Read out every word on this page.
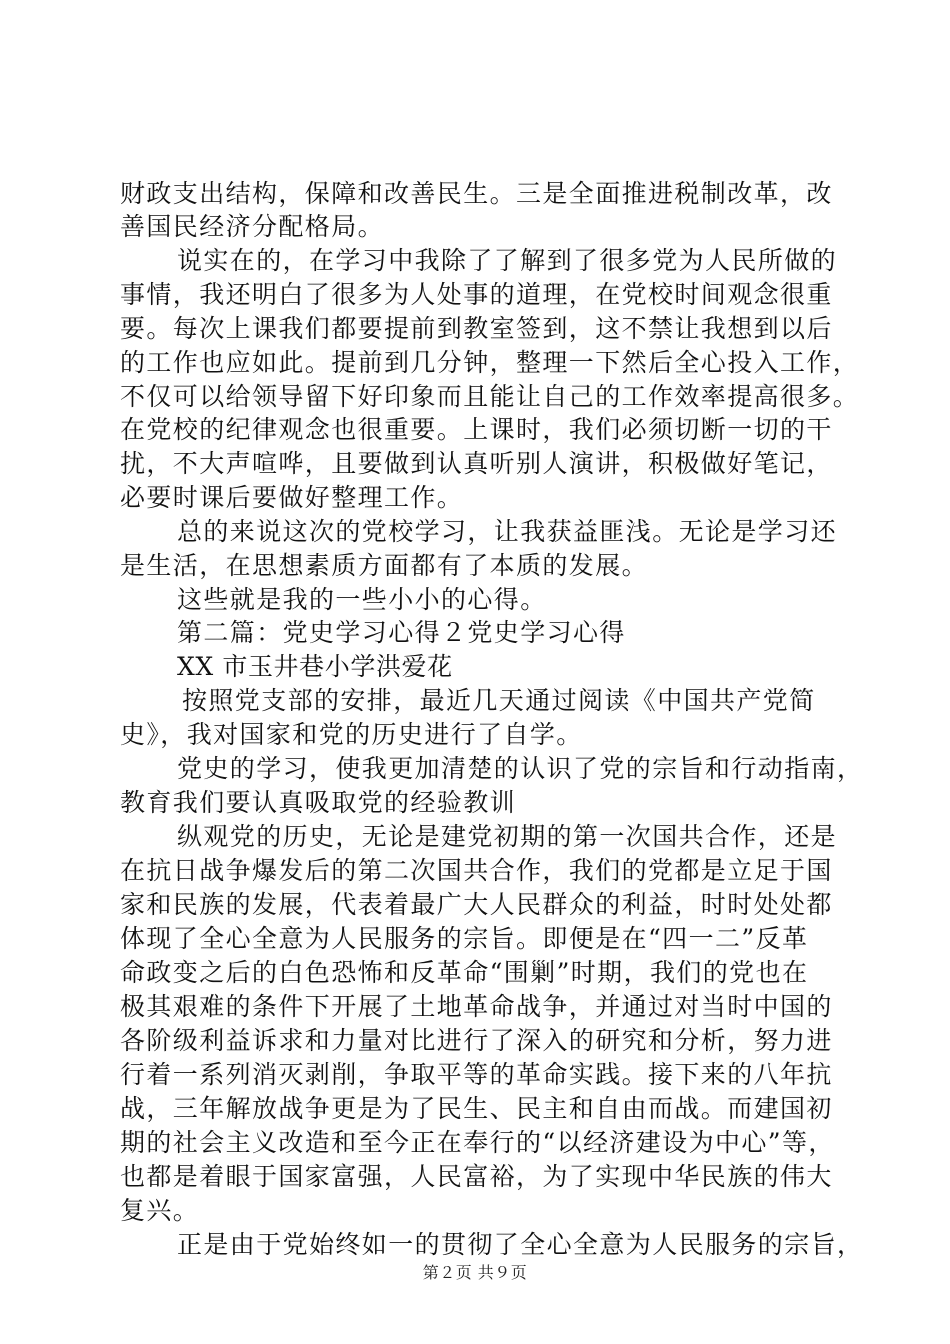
财政支出结构，保障和改善民生。三是全面推进税制改革，改
善国民经济分配格局。
说实在的，在学习中我除了了解到了很多党为人民所做的
事情，我还明白了很多为人处事的道理，在党校时间观念很重
要。每次上课我们都要提前到教室签到，这不禁让我想到以后
的工作也应如此。提前到几分钟，整理一下然后全心投入工作，
不仅可以给领导留下好印象而且能让自己的工作效率提高很多。
在党校的纪律观念也很重要。上课时，我们必须切断一切的干
扰，不大声喧哗，且要做到认真听别人演讲，积极做好笔记，
必要时课后要做好整理工作。
总的来说这次的党校学习，让我获益匪浅。无论是学习还
是生活，在思想素质方面都有了本质的发展。
这些就是我的一些小小的心得。
第二篇：党史学习心得２党史学习心得
XX 市玉井巷小学洪爱花
按照党支部的安排，最近几天通过阅读《中国共产党简
史》，我对国家和党的历史进行了自学。
党史的学习，使我更加清楚的认识了党的宗旨和行动指南，
教育我们要认真吸取党的经验教训
纵观党的历史，无论是建党初期的第一次国共合作，还是
在抗日战争爆发后的第二次国共合作，我们的党都是立足于国
家和民族的发展，代表着最广大人民群众的利益，时时处处都
体现了全心全意为人民服务的宗旨。即便是在“四一二”反革
命政变之后的白色恐怖和反革命“围剿”时期，我们的党也在
极其艰难的条件下开展了土地革命战争，并通过对当时中国的
各阶级利益诉求和力量对比进行了深入的研究和分析，努力进
行着一系列消灭剥削，争取平等的革命实践。接下来的八年抗
战，三年解放战争更是为了民生、民主和自由而战。而建国初
期的社会主义改造和至今正在奉行的“以经济建设为中心”等，
也都是着眼于国家富强，人民富裕，为了实现中华民族的伟大
复兴。
正是由于党始终如一的贯彻了全心全意为人民服务的宗旨，
第２页 共９页
